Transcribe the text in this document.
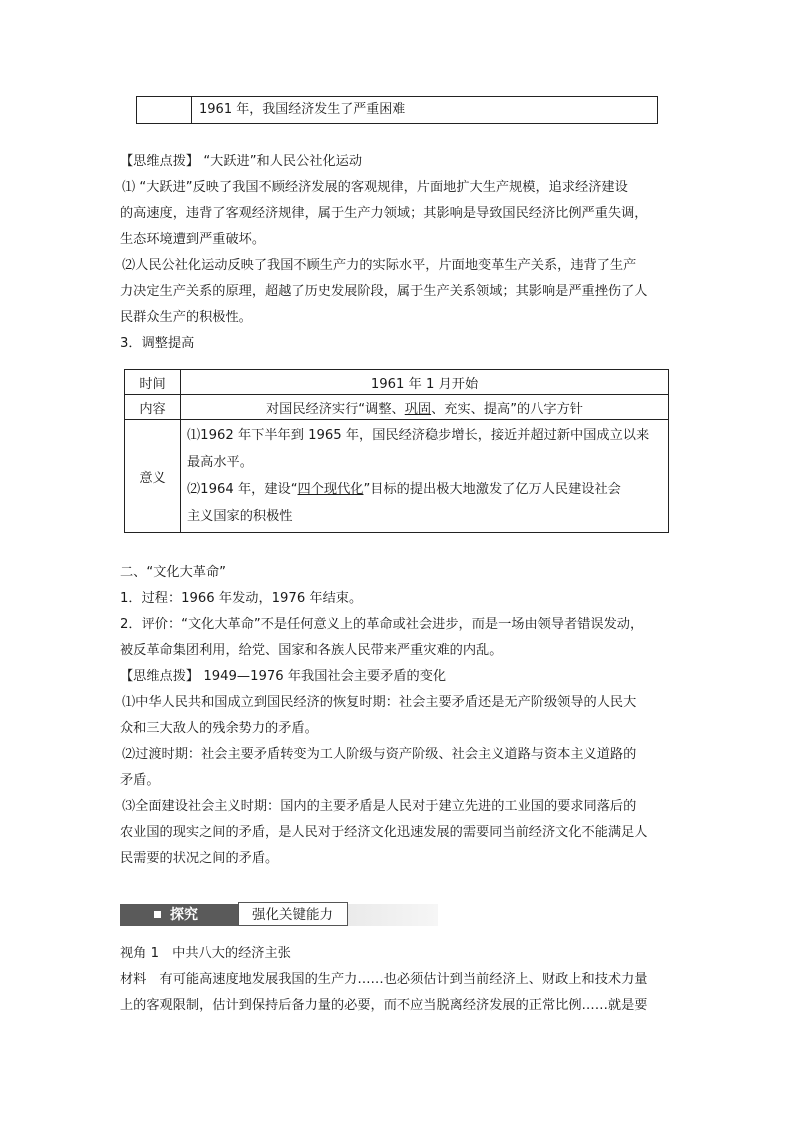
1961 年，我国经济发生了严重困难

【思维点拨】 “大跃进”和人民公社化运动

⑴ “大跃进”反映了我国不顾经济发展的客观规律，片面地扩大生产规模，追求经济建设

的高速度，违背了客观经济规律，属于生产力领域；其影响是导致国民经济比例严重失调，

生态环境遭到严重破坏。

⑵人民公社化运动反映了我国不顾生产力的实际水平，片面地变革生产关系，违背了生产

力决定生产关系的原理，超越了历史发展阶段，属于生产关系领域；其影响是严重挫伤了人

民群众生产的积极性。

3．调整提高

时间	1961 年 1 月开始
内容	对国民经济实行“调整、巩固、充实、提高”的八字方针
意义	⑴1962 年下半年到 1965 年，国民经济稳步增长，接近并超过新中国成立以来
最高水平。
⑵1964 年，建设“四个现代化”目标的提出极大地激发了亿万人民建设社会
主义国家的积极性

二、“文化大革命”

1．过程：1966 年发动，1976 年结束。

2．评价：“文化大革命”不是任何意义上的革命或社会进步，而是一场由领导者错误发动，

被反革命集团利用，给党、国家和各族人民带来严重灾难的内乱。

【思维点拨】 1949—1976 年我国社会主要矛盾的变化

⑴中华人民共和国成立到国民经济的恢复时期：社会主要矛盾还是无产阶级领导的人民大

众和三大敌人的残余势力的矛盾。

⑵过渡时期：社会主要矛盾转变为工人阶级与资产阶级、社会主义道路与资本主义道路的

矛盾。

⑶全面建设社会主义时期：国内的主要矛盾是人民对于建立先进的工业国的要求同落后的

农业国的现实之间的矛盾，是人民对于经济文化迅速发展的需要同当前经济文化不能满足人

民需要的状况之间的矛盾。

探究	强化关键能力

视角 1　中共八大的经济主张

材料　有可能高速度地发展我国的生产力……也必须估计到当前经济上、财政上和技术力量

上的客观限制，估计到保持后备力量的必要，而不应当脱离经济发展的正常比例……就是要
